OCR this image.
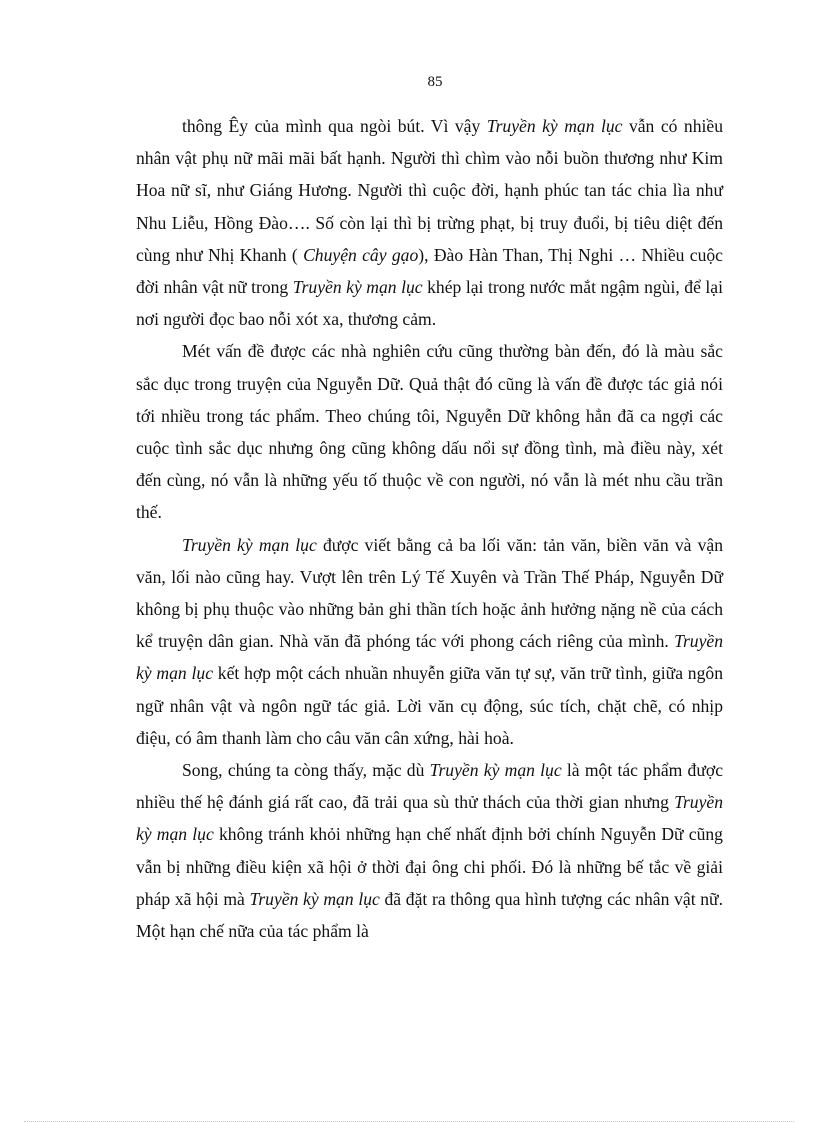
85

thông Êy của mình qua ngòi bút. Vì vậy Truyền kỳ mạn lục vẫn có nhiều nhân vật phụ nữ mãi mãi bất hạnh. Người thì chìm vào nỗi buồn thương như Kim Hoa nữ sĩ, như Giáng Hương. Người thì cuộc đời, hạnh phúc tan tác chia lìa như Nhu Liễu, Hồng Đào…. Số còn lại thì bị trừng phạt, bị truy đuổi, bị tiêu diệt đến cùng như Nhị Khanh ( Chuyện cây gạo), Đào Hàn Than, Thị Nghi … Nhiều cuộc đời nhân vật nữ trong Truyền kỳ mạn lục khép lại trong nước mắt ngậm ngùi, để lại nơi người đọc bao nỗi xót xa, thương cảm.

Mét vấn đề được các nhà nghiên cứu cũng thường bàn đến, đó là màu sắc sắc dục trong truyện của Nguyễn Dữ. Quả thật đó cũng là vấn đề được tác giả nói tới nhiều trong tác phẩm. Theo chúng tôi, Nguyễn Dữ không hẳn đã ca ngợi các cuộc tình sắc dục nhưng ông cũng không dấu nổi sự đồng tình, mà điều này, xét đến cùng, nó vẫn là những yếu tố thuộc về con người, nó vẫn là mét nhu cầu trần thế.

Truyền kỳ mạn lục được viết bằng cả ba lối văn: tản văn, biền văn và vận văn, lối nào cũng hay. Vượt lên trên Lý Tế Xuyên và Trần Thế Pháp, Nguyễn Dữ không bị phụ thuộc vào những bản ghi thần tích hoặc ảnh hưởng nặng nề của cách kể truyện dân gian. Nhà văn đã phóng tác với phong cách riêng của mình. Truyền kỳ mạn lục kết hợp một cách nhuần nhuyễn giữa văn tự sự, văn trữ tình, giữa ngôn ngữ nhân vật và ngôn ngữ tác giả. Lời văn cụ động, súc tích, chặt chẽ, có nhịp điệu, có âm thanh làm cho câu văn cân xứng, hài hoà.

Song, chúng ta còng thấy, mặc dù Truyền kỳ mạn lục là một tác phẩm được nhiều thế hệ đánh giá rất cao, đã trải qua sù thử thách của thời gian nhưng Truyền kỳ mạn lục không tránh khỏi những hạn chế nhất định bởi chính Nguyễn Dữ cũng vẫn bị những điều kiện xã hội ở thời đại ông chi phối. Đó là những bế tắc về giải pháp xã hội mà Truyền kỳ mạn lục đã đặt ra thông qua hình tượng các nhân vật nữ. Một hạn chế nữa của tác phẩm là
